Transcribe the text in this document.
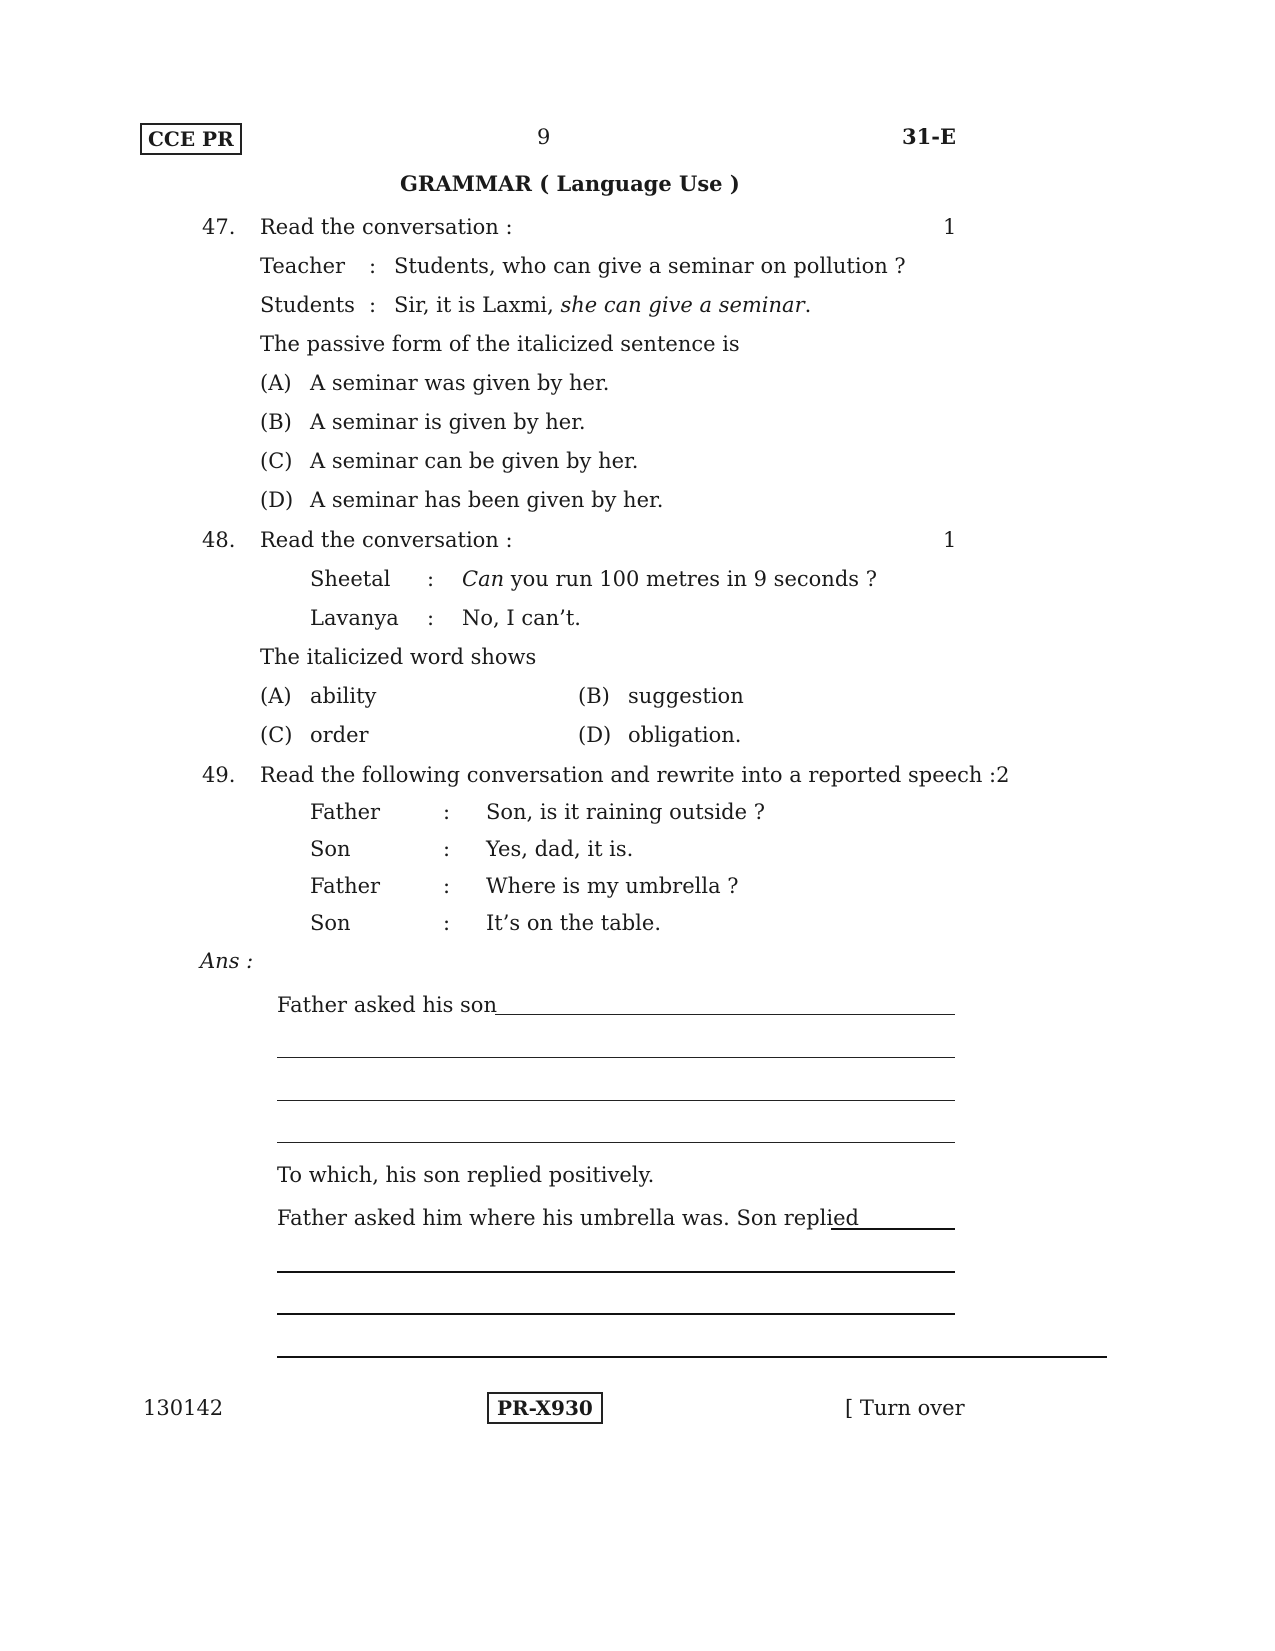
CCE PR	9	31-E
GRAMMAR ( Language Use )
47. Read the conversation :	1
Teacher : Students, who can give a seminar on pollution ?
Students : Sir, it is Laxmi, she can give a seminar.
The passive form of the italicized sentence is
(A) A seminar was given by her.
(B) A seminar is given by her.
(C) A seminar can be given by her.
(D) A seminar has been given by her.
48. Read the conversation :	1
Sheetal : Can you run 100 metres in 9 seconds ?
Lavanya : No, I can’t.
The italicized word shows
(A) ability	(B) suggestion
(C) order	(D) obligation.
49. Read the following conversation and rewrite into a reported speech :2
Father	: Son, is it raining outside ?
Son	: Yes, dad, it is.
Father	: Where is my umbrella ?
Son	: It’s on the table.
Ans :
Father asked his son
To which, his son replied positively.
Father asked him where his umbrella was. Son replied
130142	PR-X930	[ Turn over
